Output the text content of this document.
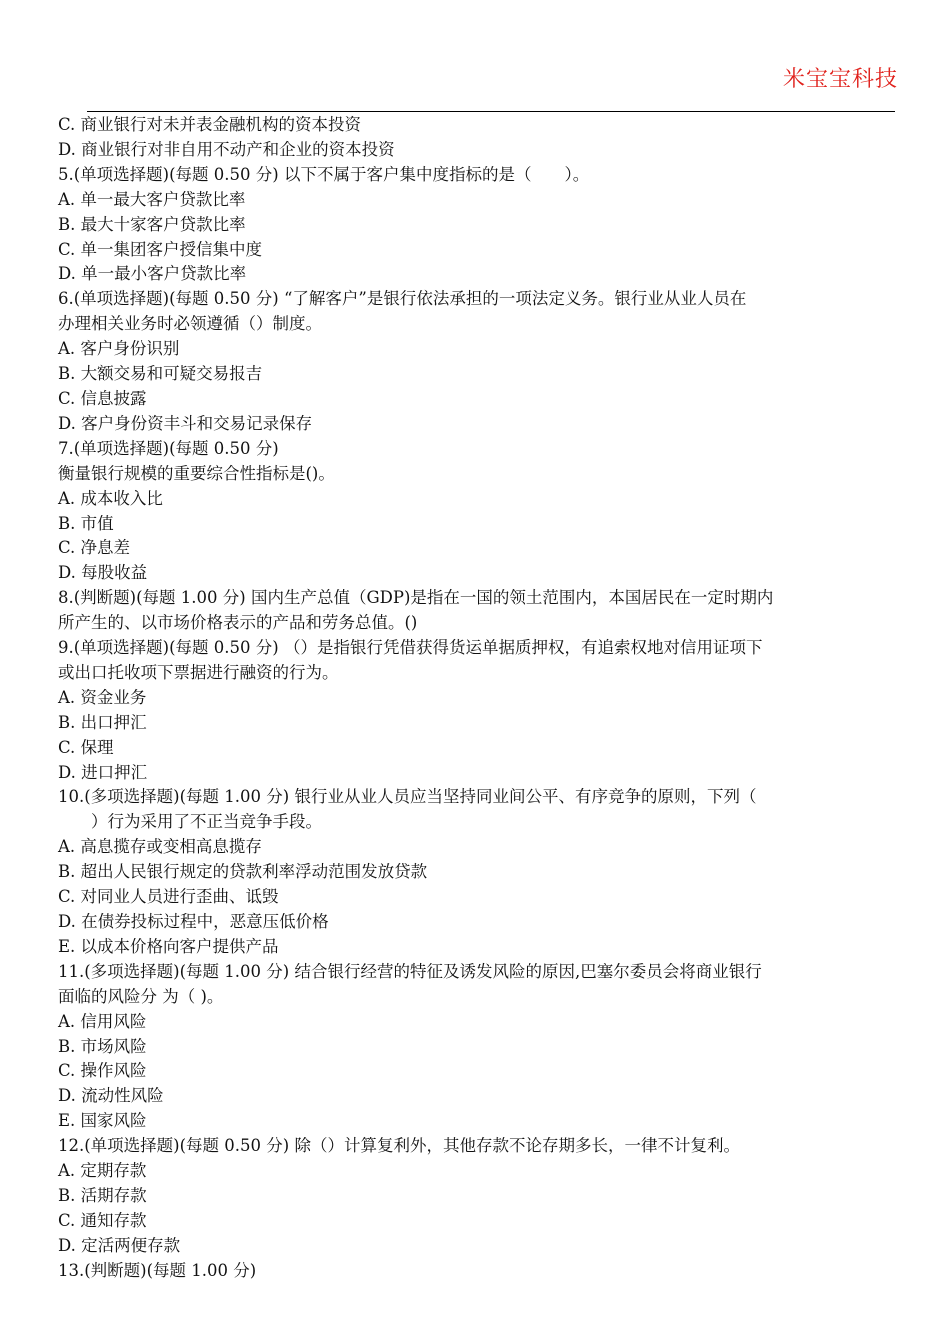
米宝宝科技
C. 商业银行对未并表金融机构的资本投资
D. 商业银行对非自用不动产和企业的资本投资
5.(单项选择题)(每题 0.50 分) 以下不属于客户集中度指标的是（　　）。
A. 单一最大客户贷款比率
B. 最大十家客户贷款比率
C. 单一集团客户授信集中度
D. 单一最小客户贷款比率
6.(单项选择题)(每题 0.50 分) “了解客户”是银行依法承担的一项法定义务。银行业从业人员在
办理相关业务时必领遵循（）制度。
A. 客户身份识别
B. 大额交易和可疑交易报吉
C. 信息披露
D. 客户身份资丰斗和交易记录保存
7.(单项选择题)(每题 0.50 分)
衡量银行规模的重要综合性指标是()。
A. 成本收入比
B. 市值
C. 净息差
D. 每股收益
8.(判断题)(每题 1.00 分) 国内生产总值（GDP)是指在一国的领土范围内，本国居民在一定时期内
所产生的、以市场价格表示的产品和劳务总值。()
9.(单项选择题)(每题 0.50 分) （）是指银行凭借获得货运单据质押权，有追索权地对信用证项下
或出口托收项下票据进行融资的行为。
A. 资金业务
B. 出口押汇
C. 保理
D. 进口押汇
10.(多项选择题)(每题 1.00 分) 银行业从业人员应当坚持同业间公平、有序竞争的原则，下列（
　　）行为采用了不正当竞争手段。
A. 高息揽存或变相高息揽存
B. 超出人民银行规定的贷款利率浮动范围发放贷款
C. 对同业人员进行歪曲、诋毁
D. 在债券投标过程中，恶意压低价格
E. 以成本价格向客户提供产品
11.(多项选择题)(每题 1.00 分) 结合银行经营的特征及诱发风险的原因,巴塞尔委员会将商业银行
面临的风险分 为（ )。
A. 信用风险
B. 市场风险
C. 操作风险
D. 流动性风险
E. 国家风险
12.(单项选择题)(每题 0.50 分) 除（）计算复利外，其他存款不论存期多长，一律不计复利。
A. 定期存款
B. 活期存款
C. 通知存款
D. 定活两便存款
13.(判断题)(每题 1.00 分)
